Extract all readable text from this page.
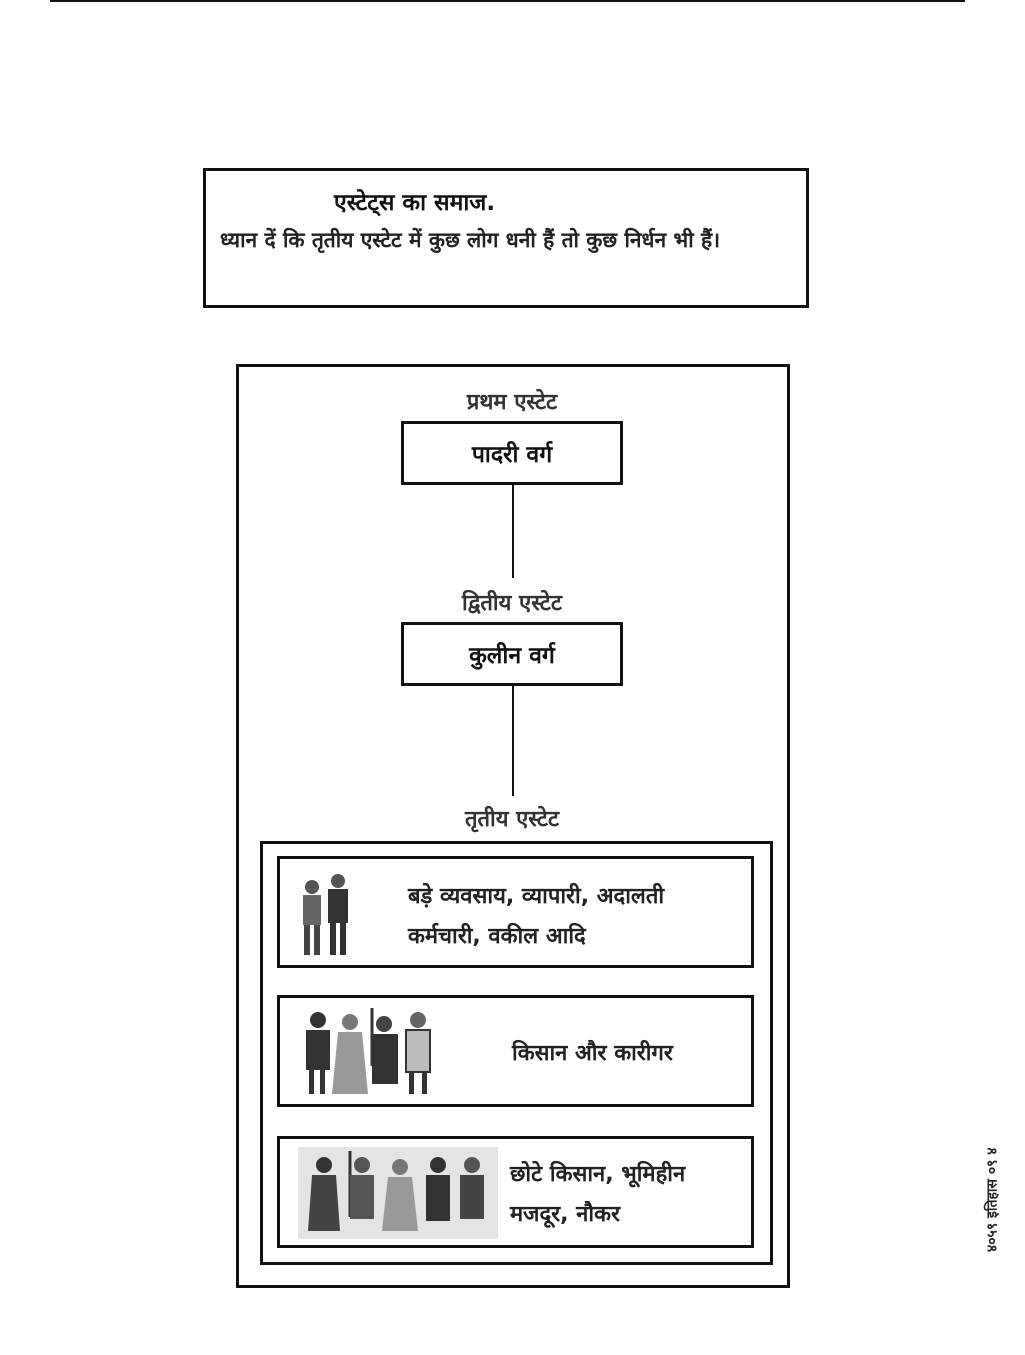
एस्टेट्स का समाज.
ध्यान दें कि तृतीय एस्टेट में कुछ लोग धनी हैं तो कुछ निर्धन भी हैं।
प्रथम एस्टेट
पादरी वर्ग
द्वितीय एस्टेट
कुलीन वर्ग
तृतीय एस्टेट
बड़े व्यवसाय, व्यापारी, अदालती
कर्मचारी, वकील आदि
किसान और कारीगर
छोटे किसान, भूमिहीन
मजदूर, नौकर	४०५९ इतिहास ०९ ४
